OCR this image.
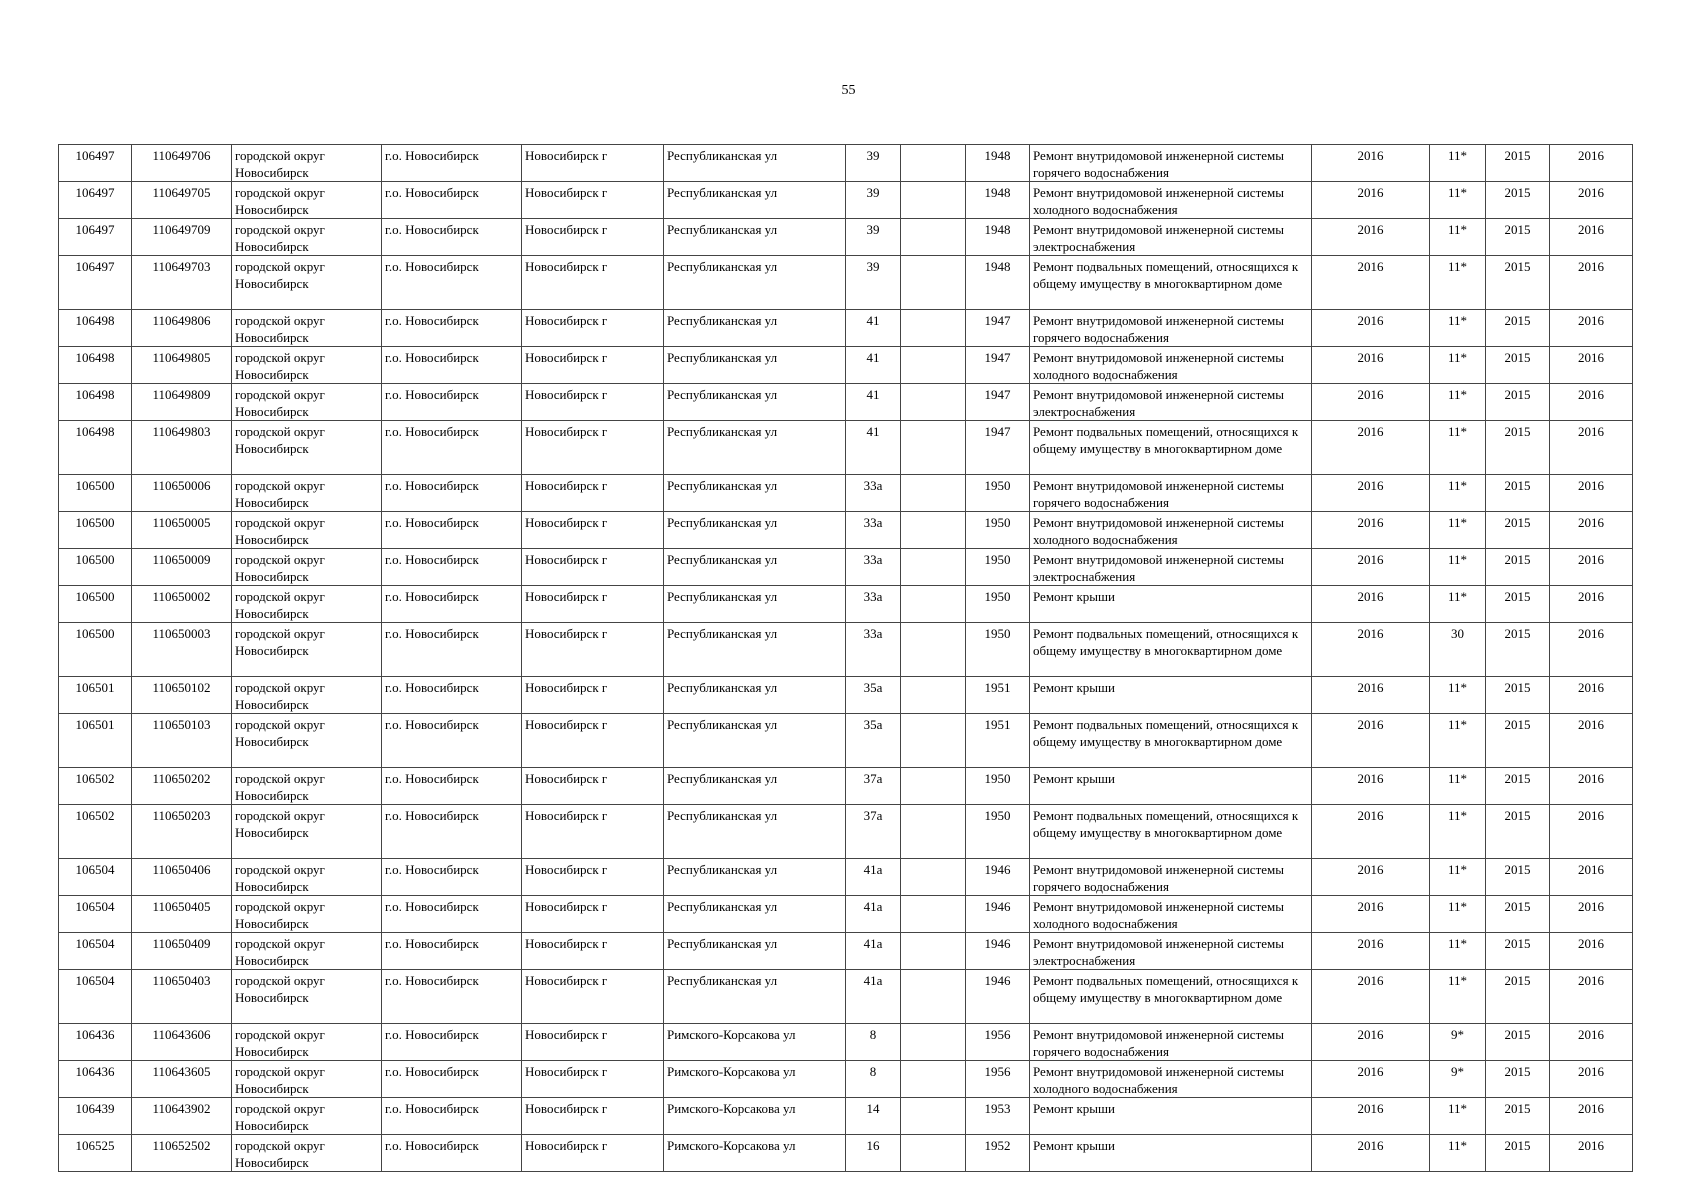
55
106497	110649706	городской округ Новосибирск	г.о. Новосибирск	Новосибирск г	Республиканская ул	39		1948	Ремонт внутридомовой инженерной системы горячего водоснабжения	2016	11*	2015	2016
106497	110649705	городской округ Новосибирск	г.о. Новосибирск	Новосибирск г	Республиканская ул	39		1948	Ремонт внутридомовой инженерной системы холодного водоснабжения	2016	11*	2015	2016
106497	110649709	городской округ Новосибирск	г.о. Новосибирск	Новосибирск г	Республиканская ул	39		1948	Ремонт внутридомовой инженерной системы электроснабжения	2016	11*	2015	2016
106497	110649703	городской округ Новосибирск	г.о. Новосибирск	Новосибирск г	Республиканская ул	39		1948	Ремонт подвальных помещений, относящихся к общему имуществу в многоквартирном доме	2016	11*	2015	2016
106498	110649806	городской округ Новосибирск	г.о. Новосибирск	Новосибирск г	Республиканская ул	41		1947	Ремонт внутридомовой инженерной системы горячего водоснабжения	2016	11*	2015	2016
106498	110649805	городской округ Новосибирск	г.о. Новосибирск	Новосибирск г	Республиканская ул	41		1947	Ремонт внутридомовой инженерной системы холодного водоснабжения	2016	11*	2015	2016
106498	110649809	городской округ Новосибирск	г.о. Новосибирск	Новосибирск г	Республиканская ул	41		1947	Ремонт внутридомовой инженерной системы электроснабжения	2016	11*	2015	2016
106498	110649803	городской округ Новосибирск	г.о. Новосибирск	Новосибирск г	Республиканская ул	41		1947	Ремонт подвальных помещений, относящихся к общему имуществу в многоквартирном доме	2016	11*	2015	2016
106500	110650006	городской округ Новосибирск	г.о. Новосибирск	Новосибирск г	Республиканская ул	33а		1950	Ремонт внутридомовой инженерной системы горячего водоснабжения	2016	11*	2015	2016
106500	110650005	городской округ Новосибирск	г.о. Новосибирск	Новосибирск г	Республиканская ул	33а		1950	Ремонт внутридомовой инженерной системы холодного водоснабжения	2016	11*	2015	2016
106500	110650009	городской округ Новосибирск	г.о. Новосибирск	Новосибирск г	Республиканская ул	33а		1950	Ремонт внутридомовой инженерной системы электроснабжения	2016	11*	2015	2016
106500	110650002	городской округ Новосибирск	г.о. Новосибирск	Новосибирск г	Республиканская ул	33а		1950	Ремонт крыши	2016	11*	2015	2016
106500	110650003	городской округ Новосибирск	г.о. Новосибирск	Новосибирск г	Республиканская ул	33а		1950	Ремонт подвальных помещений, относящихся к общему имуществу в многоквартирном доме	2016	30	2015	2016
106501	110650102	городской округ Новосибирск	г.о. Новосибирск	Новосибирск г	Республиканская ул	35а		1951	Ремонт крыши	2016	11*	2015	2016
106501	110650103	городской округ Новосибирск	г.о. Новосибирск	Новосибирск г	Республиканская ул	35а		1951	Ремонт подвальных помещений, относящихся к общему имуществу в многоквартирном доме	2016	11*	2015	2016
106502	110650202	городской округ Новосибирск	г.о. Новосибирск	Новосибирск г	Республиканская ул	37а		1950	Ремонт крыши	2016	11*	2015	2016
106502	110650203	городской округ Новосибирск	г.о. Новосибирск	Новосибирск г	Республиканская ул	37а		1950	Ремонт подвальных помещений, относящихся к общему имуществу в многоквартирном доме	2016	11*	2015	2016
106504	110650406	городской округ Новосибирск	г.о. Новосибирск	Новосибирск г	Республиканская ул	41а		1946	Ремонт внутридомовой инженерной системы горячего водоснабжения	2016	11*	2015	2016
106504	110650405	городской округ Новосибирск	г.о. Новосибирск	Новосибирск г	Республиканская ул	41а		1946	Ремонт внутридомовой инженерной системы холодного водоснабжения	2016	11*	2015	2016
106504	110650409	городской округ Новосибирск	г.о. Новосибирск	Новосибирск г	Республиканская ул	41а		1946	Ремонт внутридомовой инженерной системы электроснабжения	2016	11*	2015	2016
106504	110650403	городской округ Новосибирск	г.о. Новосибирск	Новосибирск г	Республиканская ул	41а		1946	Ремонт подвальных помещений, относящихся к общему имуществу в многоквартирном доме	2016	11*	2015	2016
106436	110643606	городской округ Новосибирск	г.о. Новосибирск	Новосибирск г	Римского-Корсакова ул	8		1956	Ремонт внутридомовой инженерной системы горячего водоснабжения	2016	9*	2015	2016
106436	110643605	городской округ Новосибирск	г.о. Новосибирск	Новосибирск г	Римского-Корсакова ул	8		1956	Ремонт внутридомовой инженерной системы холодного водоснабжения	2016	9*	2015	2016
106439	110643902	городской округ Новосибирск	г.о. Новосибирск	Новосибирск г	Римского-Корсакова ул	14		1953	Ремонт крыши	2016	11*	2015	2016
106525	110652502	городской округ Новосибирск	г.о. Новосибирск	Новосибирск г	Римского-Корсакова ул	16		1952	Ремонт крыши	2016	11*	2015	2016
